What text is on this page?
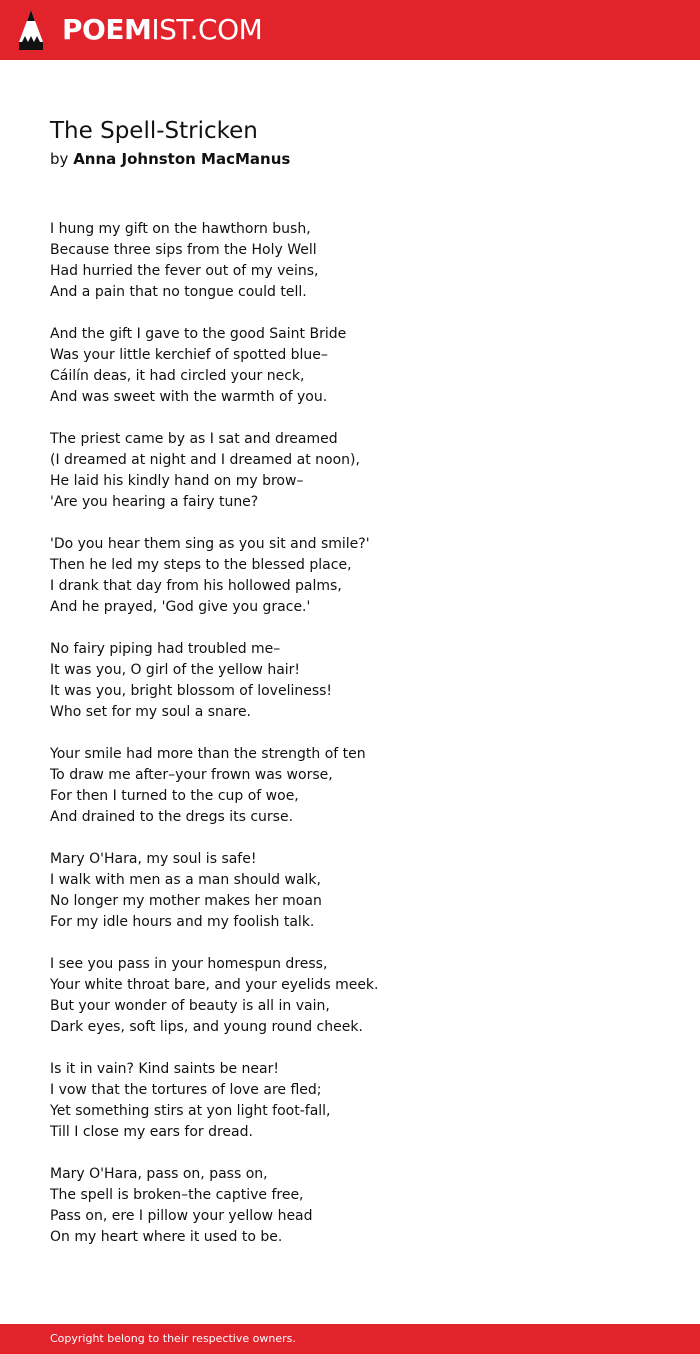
POEMIST.COM
The Spell-Stricken
by Anna Johnston MacManus
I hung my gift on the hawthorn bush,
Because three sips from the Holy Well
Had hurried the fever out of my veins,
And a pain that no tongue could tell.
And the gift I gave to the good Saint Bride
Was your little kerchief of spotted blue–
Cáilín deas, it had circled your neck,
And was sweet with the warmth of you.
The priest came by as I sat and dreamed
(I dreamed at night and I dreamed at noon),
He laid his kindly hand on my brow–
'Are you hearing a fairy tune?
'Do you hear them sing as you sit and smile?'
Then he led my steps to the blessed place,
I drank that day from his hollowed palms,
And he prayed, 'God give you grace.'
No fairy piping had troubled me–
It was you, O girl of the yellow hair!
It was you, bright blossom of loveliness!
Who set for my soul a snare.
Your smile had more than the strength of ten
To draw me after–your frown was worse,
For then I turned to the cup of woe,
And drained to the dregs its curse.
Mary O'Hara, my soul is safe!
I walk with men as a man should walk,
No longer my mother makes her moan
For my idle hours and my foolish talk.
I see you pass in your homespun dress,
Your white throat bare, and your eyelids meek.
But your wonder of beauty is all in vain,
Dark eyes, soft lips, and young round cheek.
Is it in vain? Kind saints be near!
I vow that the tortures of love are fled;
Yet something stirs at yon light foot-fall,
Till I close my ears for dread.
Mary O'Hara, pass on, pass on,
The spell is broken–the captive free,
Pass on, ere I pillow your yellow head
On my heart where it used to be.
Copyright belong to their respective owners.
